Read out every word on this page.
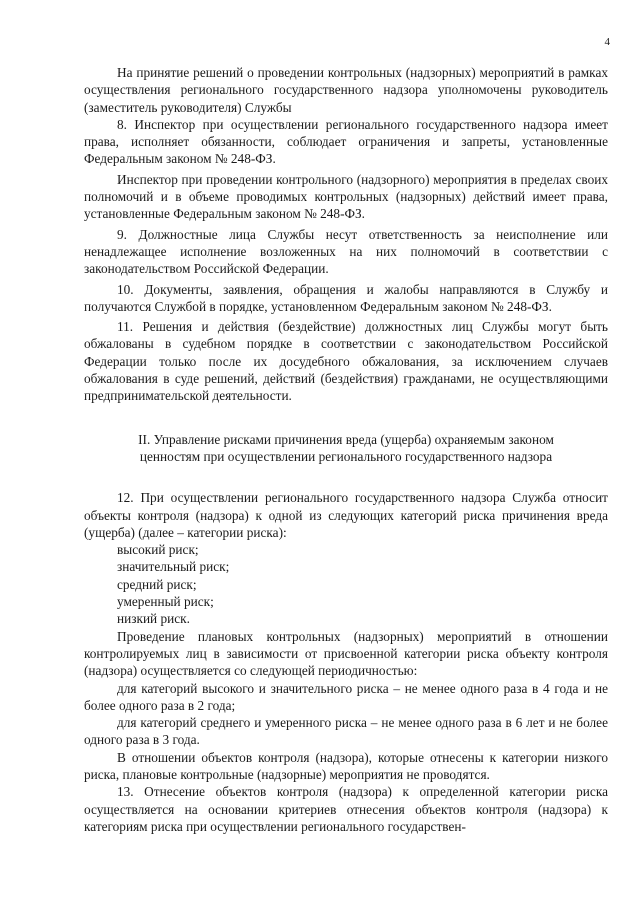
4

На принятие решений о проведении контрольных (надзорных) мероприятий в рамках осуществления регионального государственного надзора уполномочены руководитель (заместитель руководителя) Службы

8. Инспектор при осуществлении регионального государственного надзора имеет права, исполняет обязанности, соблюдает ограничения и запреты, установленные Федеральным законом № 248-ФЗ.

Инспектор при проведении контрольного (надзорного) мероприятия в пределах своих полномочий и в объеме проводимых контрольных (надзорных) действий имеет права, установленные Федеральным законом № 248-ФЗ.

9. Должностные лица Службы несут ответственность за неисполнение или ненадлежащее исполнение возложенных на них полномочий в соответствии с законодательством Российской Федерации.

10. Документы, заявления, обращения и жалобы направляются в Службу и получаются Службой в порядке, установленном Федеральным законом № 248-ФЗ.

11. Решения и действия (бездействие) должностных лиц Службы могут быть обжалованы в судебном порядке в соответствии с законодательством Российской Федерации только после их досудебного обжалования, за исключением случаев обжалования в суде решений, действий (бездействия) гражданами, не осуществляющими предпринимательской деятельности.

II. Управление рисками причинения вреда (ущерба) охраняемым законом
ценностям при осуществлении регионального государственного надзора

12. При осуществлении регионального государственного надзора Служба относит объекты контроля (надзора) к одной из следующих категорий риска причинения вреда (ущерба) (далее – категории риска):

высокий риск;
значительный риск;
средний риск;
умеренный риск;
низкий риск.

Проведение плановых контрольных (надзорных) мероприятий в отношении контролируемых лиц в зависимости от присвоенной категории риска объекту контроля (надзора) осуществляется со следующей периодичностью:

для категорий высокого и значительного риска – не менее одного раза в 4 года и не более одного раза в 2 года;

для категорий среднего и умеренного риска – не менее одного раза в 6 лет и не более одного раза в 3 года.

В отношении объектов контроля (надзора), которые отнесены к категории низкого риска, плановые контрольные (надзорные) мероприятия не проводятся.

13. Отнесение объектов контроля (надзора) к определенной категории риска осуществляется на основании критериев отнесения объектов контроля (надзора) к категориям риска при осуществлении регионального государствен-
